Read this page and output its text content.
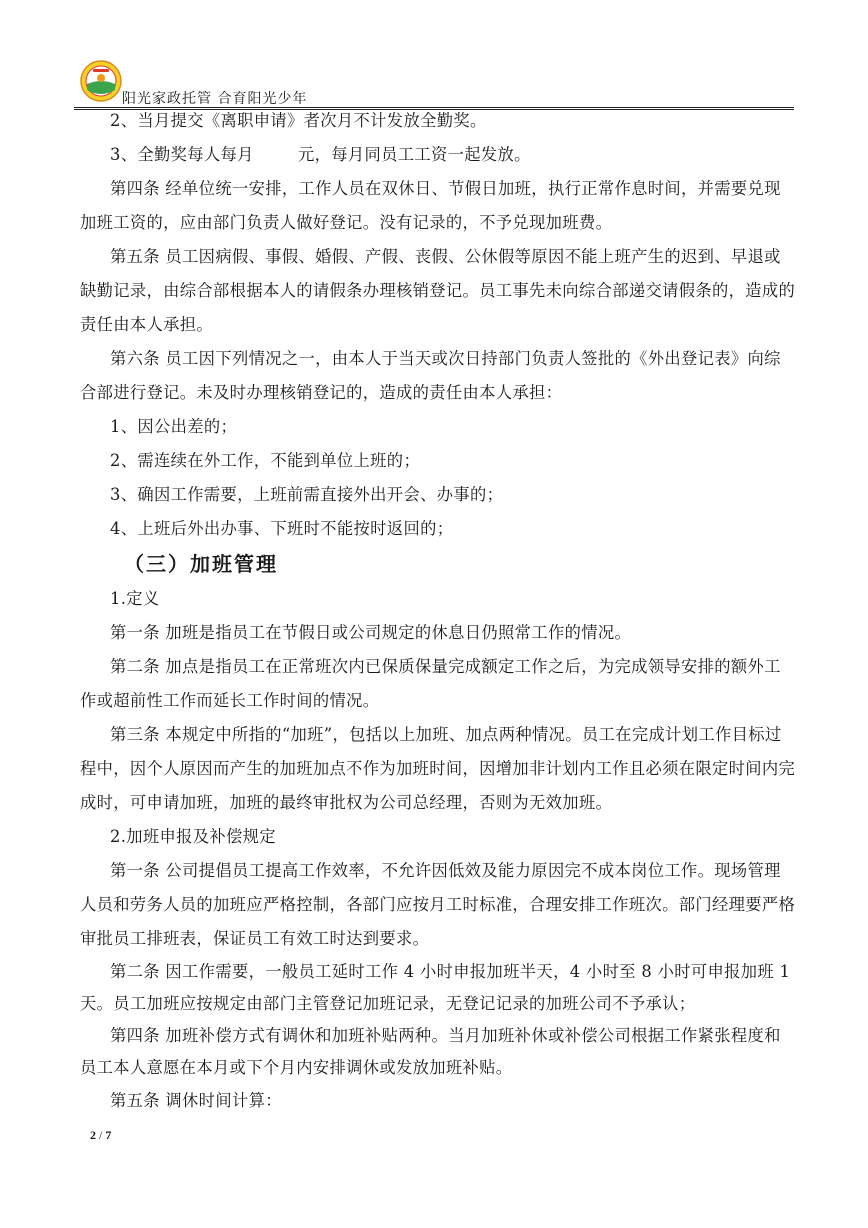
阳光家政托管 合育阳光少年

2、当月提交《离职申请》者次月不计发放全勤奖。

3、全勤奖每人每月        元，每月同员工工资一起发放。

第四条 经单位统一安排，工作人员在双休日、节假日加班，执行正常作息时间，并需要兑现加班工资的，应由部门负责人做好登记。没有记录的，不予兑现加班费。

第五条 员工因病假、事假、婚假、产假、丧假、公休假等原因不能上班产生的迟到、早退或缺勤记录，由综合部根据本人的请假条办理核销登记。员工事先未向综合部递交请假条的，造成的责任由本人承担。

第六条 员工因下列情况之一，由本人于当天或次日持部门负责人签批的《外出登记表》向综合部进行登记。未及时办理核销登记的，造成的责任由本人承担：

1、因公出差的；

2、需连续在外工作，不能到单位上班的；

3、确因工作需要，上班前需直接外出开会、办事的；

4、上班后外出办事、下班时不能按时返回的；

（三）加班管理

1.定义

第一条 加班是指员工在节假日或公司规定的休息日仍照常工作的情况。

第二条 加点是指员工在正常班次内已保质保量完成额定工作之后，为完成领导安排的额外工作或超前性工作而延长工作时间的情况。

第三条 本规定中所指的“加班”，包括以上加班、加点两种情况。员工在完成计划工作目标过程中，因个人原因而产生的加班加点不作为加班时间，因增加非计划内工作且必须在限定时间内完成时，可申请加班，加班的最终审批权为公司总经理，否则为无效加班。

2.加班申报及补偿规定

第一条 公司提倡员工提高工作效率，不允许因低效及能力原因完不成本岗位工作。现场管理人员和劳务人员的加班应严格控制，各部门应按月工时标准，合理安排工作班次。部门经理要严格审批员工排班表，保证员工有效工时达到要求。

第二条 因工作需要，一般员工延时工作 4 小时申报加班半天，4 小时至 8 小时可申报加班 1 天。员工加班应按规定由部门主管登记加班记录，无登记记录的加班公司不予承认；

第四条 加班补偿方式有调休和加班补贴两种。当月加班补休或补偿公司根据工作紧张程度和员工本人意愿在本月或下个月内安排调休或发放加班补贴。

第五条 调休时间计算：

2 / 7
